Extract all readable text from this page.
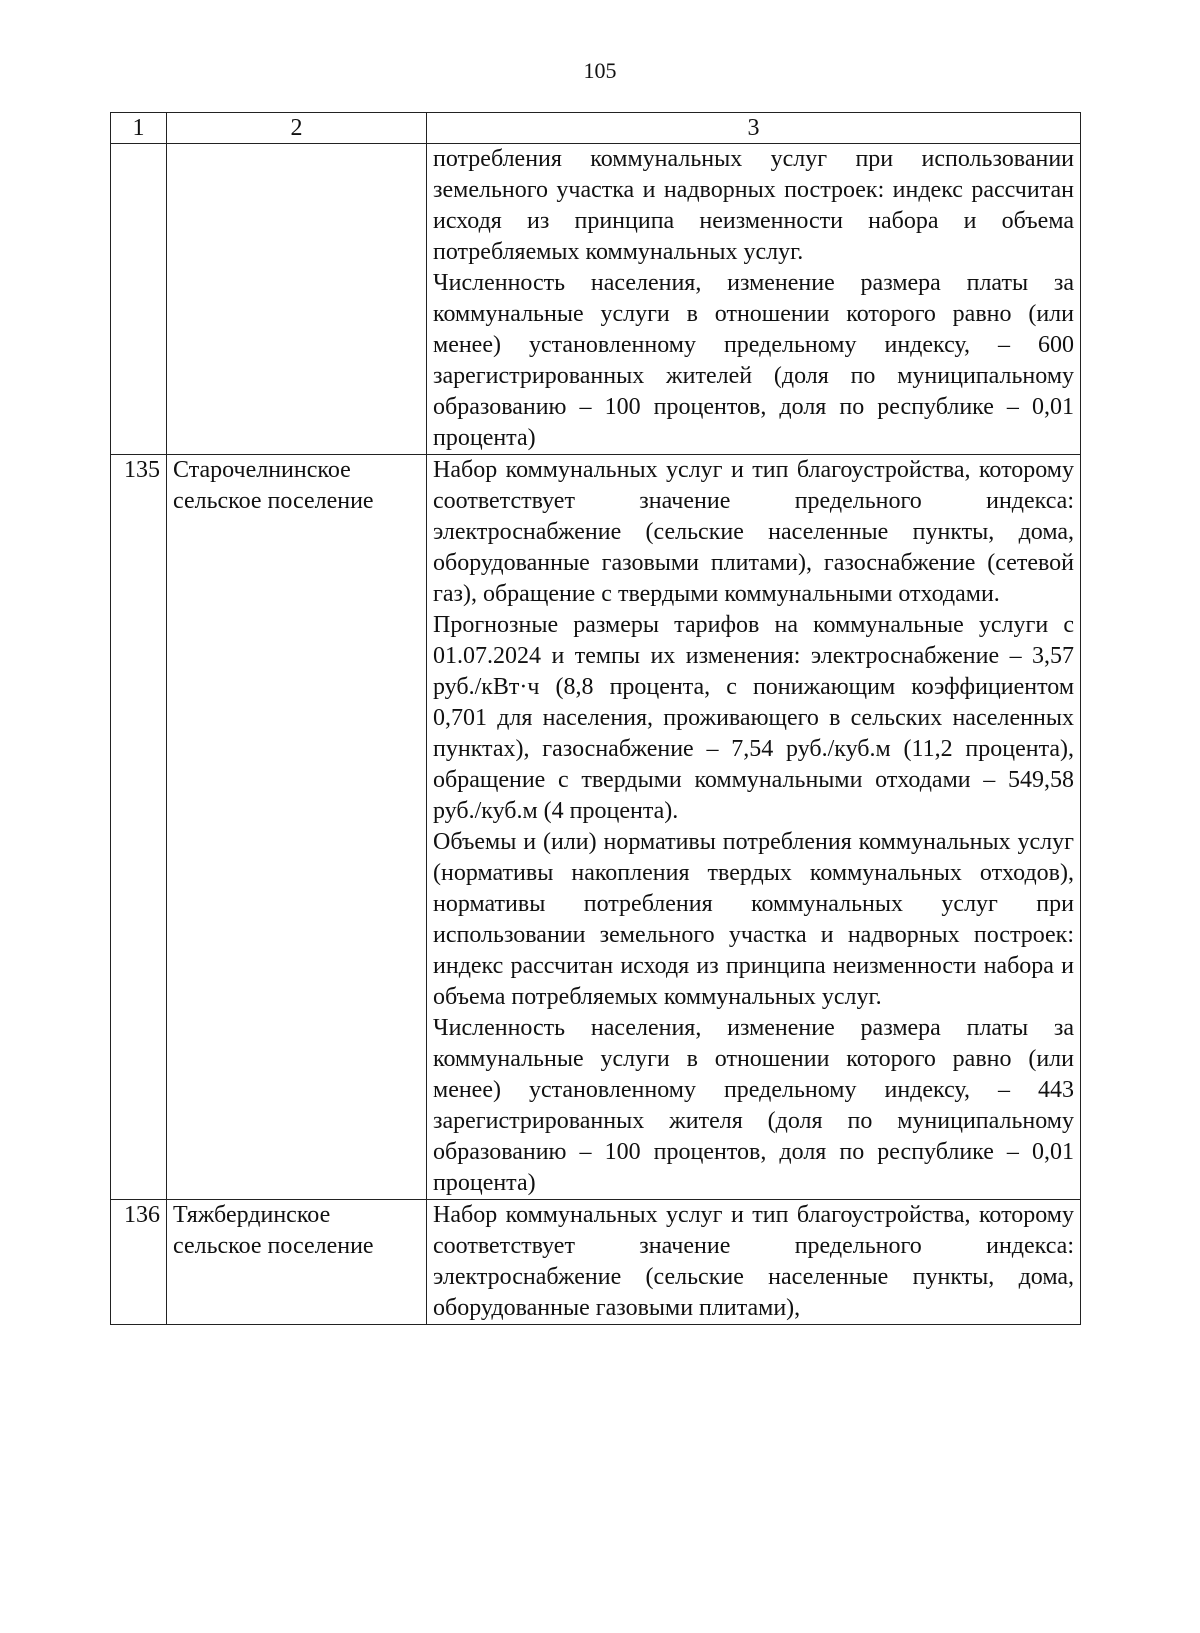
105
1	2	3

		потребления коммунальных услуг при использовании земельного участка и надворных построек: индекс рассчитан исходя из принципа неизменности набора и объема потребляемых коммунальных услуг.

Численность населения, изменение размера платы за коммунальные услуги в отношении которого равно (или менее) установленному предельному индексу, – 600 зарегистрированных жителей (доля по муниципальному образованию – 100 процентов, доля по республике – 0,01 процента)

135	Старочелнинское сельское поселение	Набор коммунальных услуг и тип благоустройства, которому соответствует значение предельного индекса: электроснабжение (сельские населенные пункты, дома, оборудованные газовыми плитами), газоснабжение (сетевой газ), обращение с твердыми коммунальными отходами.

Прогнозные размеры тарифов на коммунальные услуги с 01.07.2024 и темпы их изменения: электроснабжение – 3,57 руб./кВт·ч (8,8 процента, с понижающим коэффициентом 0,701 для населения, проживающего в сельских населенных пунктах), газоснабжение – 7,54 руб./куб.м (11,2 процента), обращение с твердыми коммунальными отходами – 549,58 руб./куб.м (4 процента).

Объемы и (или) нормативы потребления коммунальных услуг (нормативы накопления твердых коммунальных отходов), нормативы потребления коммунальных услуг при использовании земельного участка и надворных построек: индекс рассчитан исходя из принципа неизменности набора и объема потребляемых коммунальных услуг.

Численность населения, изменение размера платы за коммунальные услуги в отношении которого равно (или менее) установленному предельному индексу, – 443 зарегистрированных жителя (доля по муниципальному образованию – 100 процентов, доля по республике – 0,01 процента)

136	Тяжбердинское сельское поселение	Набор коммунальных услуг и тип благоустройства, которому соответствует значение предельного индекса: электроснабжение (сельские населенные пункты, дома, оборудованные газовыми плитами),
